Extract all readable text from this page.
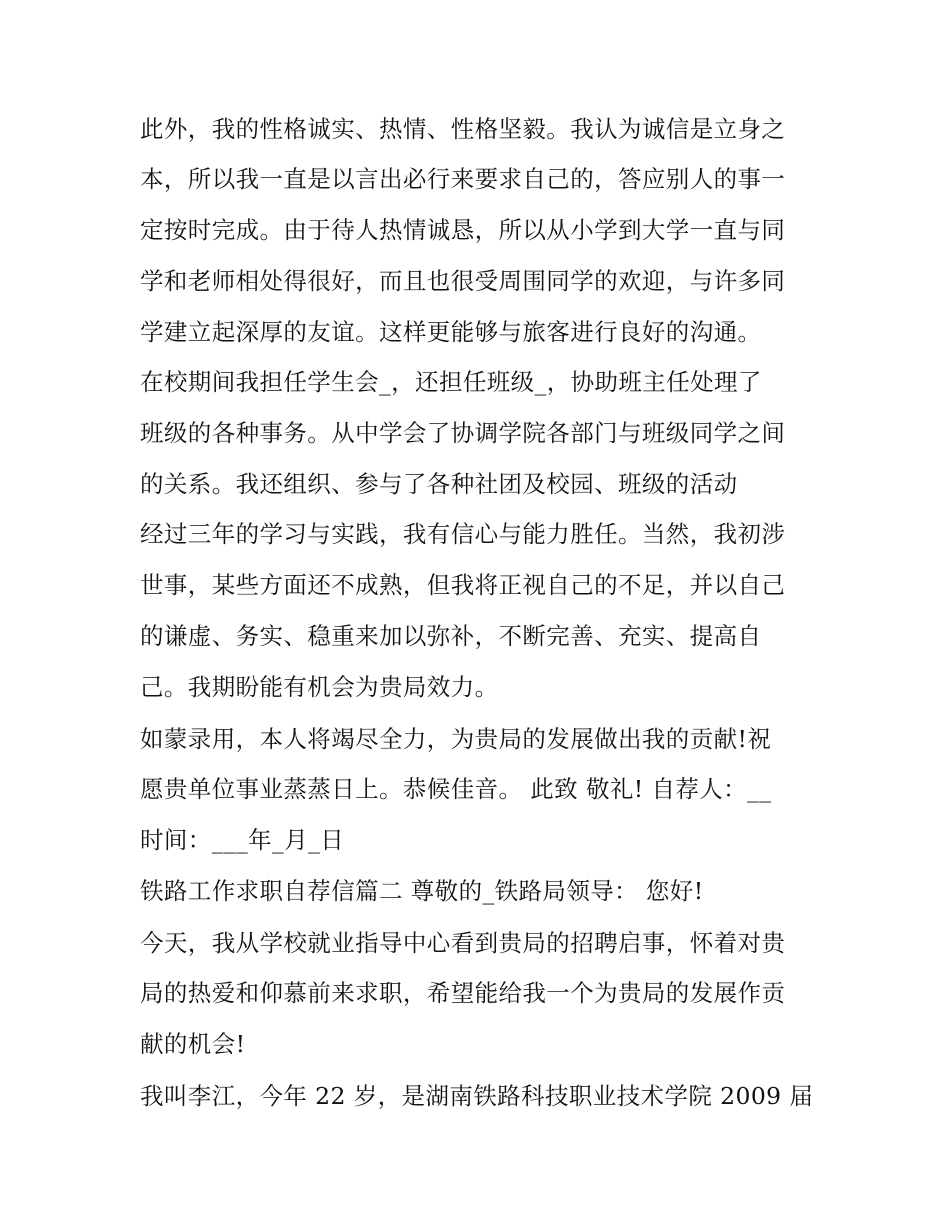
此外，我的性格诚实、热情、性格坚毅。我认为诚信是立身之
本，所以我一直是以言出必行来要求自己的，答应别人的事一
定按时完成。由于待人热情诚恳，所以从小学到大学一直与同
学和老师相处得很好，而且也很受周围同学的欢迎，与许多同
学建立起深厚的友谊。这样更能够与旅客进行良好的沟通。
在校期间我担任学生会_，还担任班级_，协助班主任处理了
班级的各种事务。从中学会了协调学院各部门与班级同学之间
的关系。我还组织、参与了各种社团及校园、班级的活动
经过三年的学习与实践，我有信心与能力胜任。当然，我初涉
世事，某些方面还不成熟，但我将正视自己的不足，并以自己
的谦虚、务实、稳重来加以弥补，不断完善、充实、提高自
己。我期盼能有机会为贵局效力。
如蒙录用，本人将竭尽全力，为贵局的发展做出我的贡献!祝
愿贵单位事业蒸蒸日上。恭候佳音。 此致 敬礼! 自荐人：__
时间：___年_月_日
铁路工作求职自荐信篇二 尊敬的_铁路局领导： 您好!
今天，我从学校就业指导中心看到贵局的招聘启事，怀着对贵
局的热爱和仰慕前来求职，希望能给我一个为贵局的发展作贡
献的机会!
我叫李江，今年 22 岁，是湖南铁路科技职业技术学院 2009 届
